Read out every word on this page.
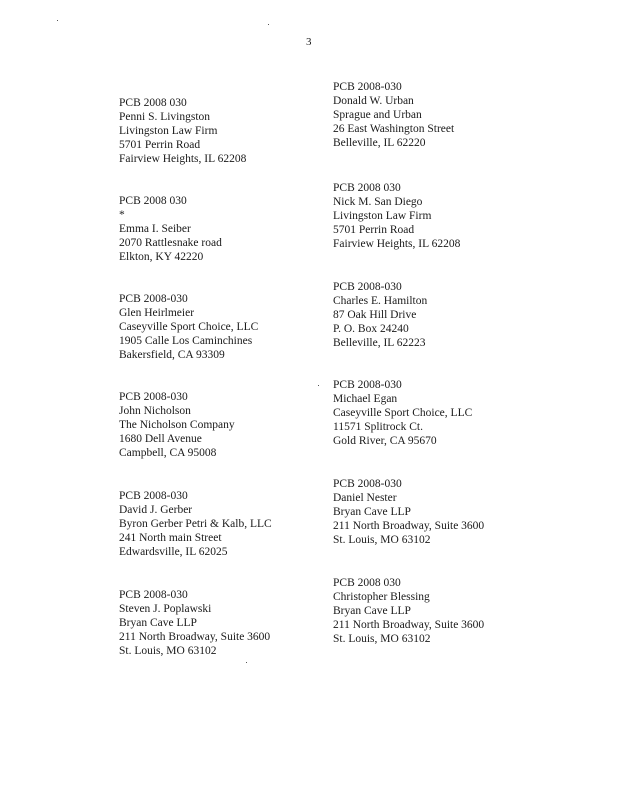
3
PCB 2008 030
Penni S. Livingston
Livingston Law Firm
5701 Perrin Road
Fairview Heights, IL 62208
PCB 2008 030
*
Emma I. Seiber
2070 Rattlesnake road
Elkton, KY 42220
PCB 2008-030
Glen Heirlmeier
Caseyville Sport Choice, LLC
1905 Calle Los Caminchines
Bakersfield, CA 93309
PCB 2008-030
John Nicholson
The Nicholson Company
1680 Dell Avenue
Campbell, CA 95008
PCB 2008-030
David J. Gerber
Byron Gerber Petri & Kalb, LLC
241 North main Street
Edwardsville, IL 62025
PCB 2008-030
Steven J. Poplawski
Bryan Cave LLP
211 North Broadway, Suite 3600
St. Louis, MO 63102
PCB 2008-030
Donald W. Urban
Sprague and Urban
26 East Washington Street
Belleville, IL 62220
PCB 2008 030
Nick M. San Diego
Livingston Law Firm
5701 Perrin Road
Fairview Heights, IL 62208
PCB 2008-030
Charles E. Hamilton
87 Oak Hill Drive
P. O. Box 24240
Belleville, IL 62223
PCB 2008-030
Michael Egan
Caseyville Sport Choice, LLC
11571 Splitrock Ct.
Gold River, CA 95670
PCB 2008-030
Daniel Nester
Bryan Cave LLP
211 North Broadway, Suite 3600
St. Louis, MO 63102
PCB 2008 030
Christopher Blessing
Bryan Cave LLP
211 North Broadway, Suite 3600
St. Louis, MO 63102
